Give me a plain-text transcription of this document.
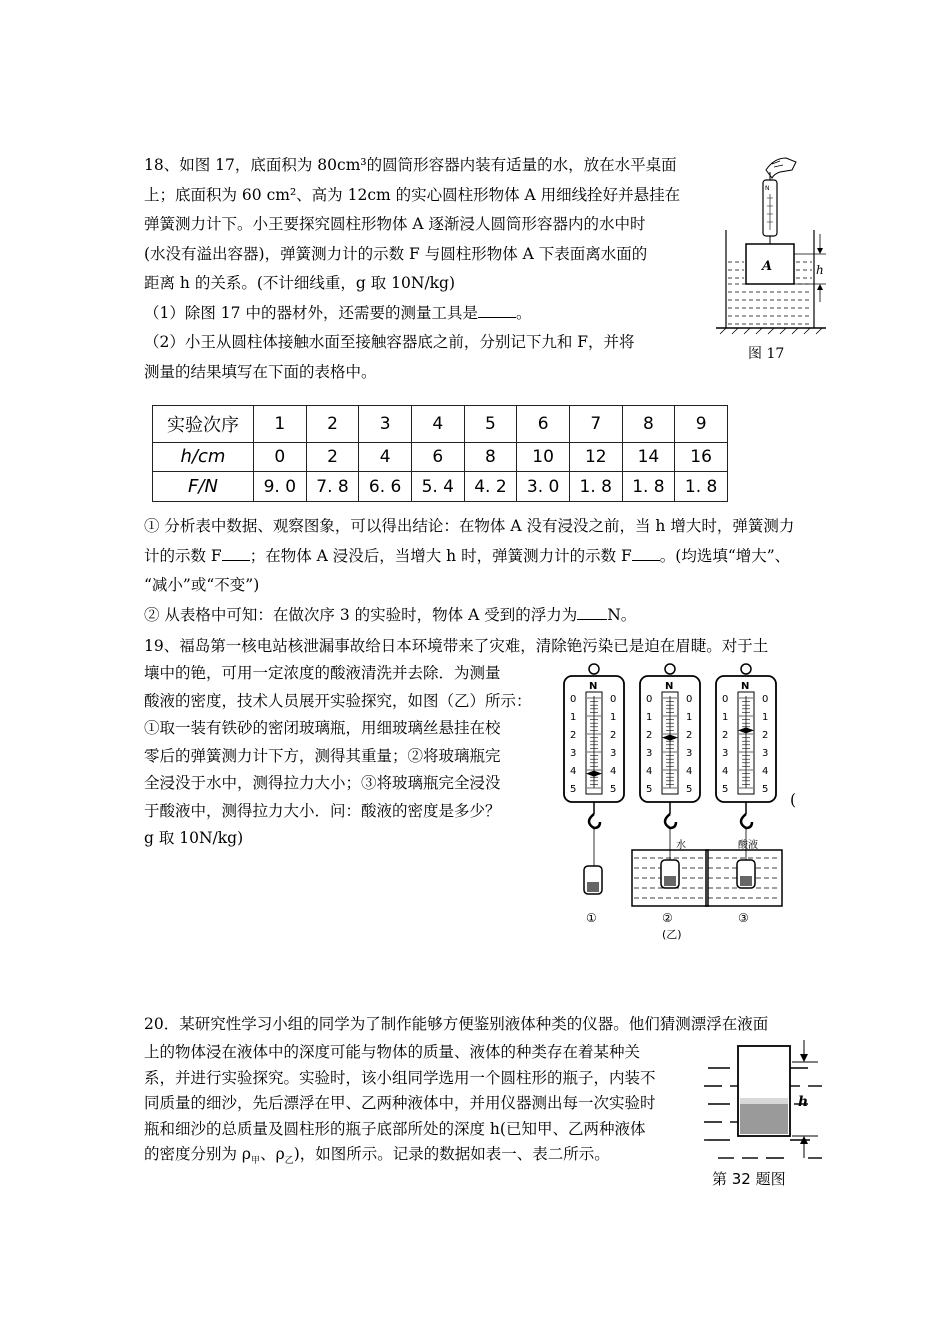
18、如图 17，底面积为 80cm³的圆筒形容器内装有适量的水，放在水平桌面
上；底面积为 60 cm²、高为 12cm 的实心圆柱形物体 A 用细线拴好并悬挂在
弹簧测力计下。小王要探究圆柱形物体 A 逐渐浸人圆筒形容器内的水中时
(水没有溢出容器)，弹簧测力计的示数 F 与圆柱形物体 A 下表面离水面的
距离 h 的关系。(不计细线重，g 取 10N/kg)
（1）除图 17 中的器材外，还需要的测量工具是 。
（2）小王从圆柱体接触水面至接触容器底之前，分别记下九和 F，并将
测量的结果填写在下面的表格中。
N
A	h
图 17
实验次序	1	2	3	4	5	6	7	8	9
h/cm	0	2	4	6	8	10	12	14	16
F/N	9. 0	7. 8	6. 6	5. 4	4. 2	3. 0	1. 8	1. 8	1. 8
① 分析表中数据、观察图象，可以得出结论：在物体 A 没有浸没之前，当 h 增大时，弹簧测力
计的示数 F ；在物体 A 浸没后，当增大 h 时，弹簧测力计的示数 F 。(均选填“增大”、
“减小”或“不变”)
② 从表格中可知：在做次序 3 的实验时，物体 A 受到的浮力为 N。
19、福岛第一核电站核泄漏事故给日本环境带来了灾难，清除铯污染已是迫在眉睫。对于土
壤中的铯，可用一定浓度的酸液清洗并去除．为测量
酸液的密度，技术人员展开实验探究，如图（乙）所示：
①取一装有铁砂的密闭玻璃瓶，用细玻璃丝悬挂在校
零后的弹簧测力计下方，测得其重量；②将玻璃瓶完
全浸没于水中，测得拉力大小；③将玻璃瓶完全浸没
于酸液中，测得拉力大小．问：酸液的密度是多少？
g 取 10N/kg)
(
N
0
1
2
3
4
5
0
1
2
3
4
5
N
0
1
2
3
4
5
0
1
2
3
4
5
水
N
0
1
2
3
4
5
0
1
2
3
4
5
酸液
①	②	③
(乙)
20．某研究性学习小组的同学为了制作能够方便鉴别液体种类的仪器。他们猜测漂浮在液面
上的物体浸在液体中的深度可能与物体的质量、液体的种类存在着某种关
系，并进行实验探究。实验时，该小组同学选用一个圆柱形的瓶子，内装不
同质量的细沙，先后漂浮在甲、乙两种液体中，并用仪器测出每一次实验时
瓶和细沙的总质量及圆柱形的瓶子底部所处的深度 h(已知甲、乙两种液体
的密度分别为 $\rho_甲$、$\rho_乙$)，如图所示。记录的数据如表一、表二所示。
h
第 32 题图
